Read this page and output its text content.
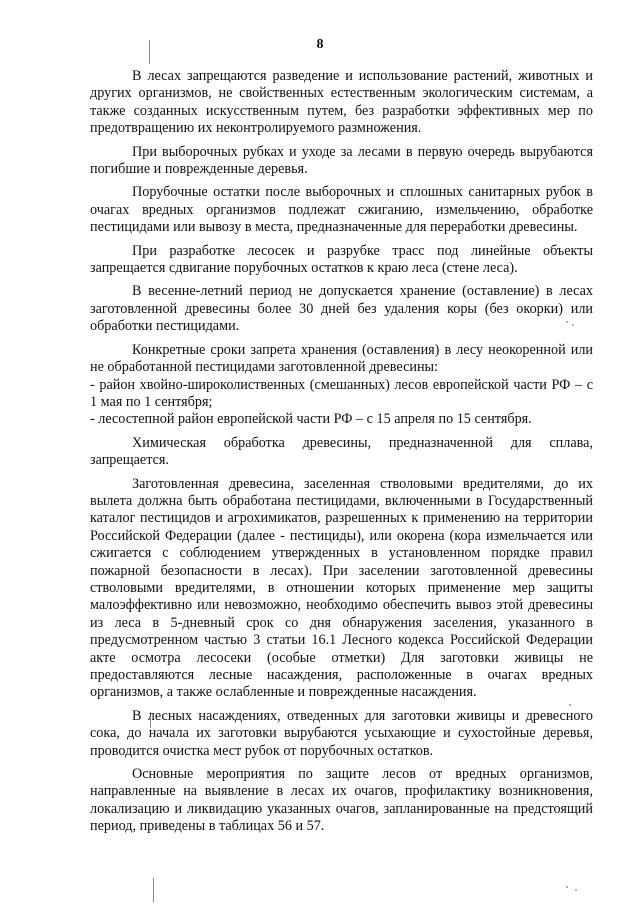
8

В лесах запрещаются разведение и использование растений, животных и других организмов, не свойственных естественным экологическим системам, а также созданных искусственным путем, без разработки эффективных мер по предотвращению их неконтролируемого размножения.

При выборочных рубках и уходе за лесами в первую очередь вырубаются погибшие и поврежденные деревья.

Порубочные остатки после выборочных и сплошных санитарных рубок в очагах вредных организмов подлежат сжиганию, измельчению, обработке пестицидами или вывозу в места, предназначенные для переработки древесины.

При разработке лесосек и разрубке трасс под линейные объекты запрещается сдвигание порубочных остатков к краю леса (стене леса).

В весенне-летний период не допускается хранение (оставление) в лесах заготовленной древесины более 30 дней без удаления коры (без окорки) или обработки пестицидами.

Конкретные сроки запрета хранения (оставления) в лесу неокоренной или не обработанной пестицидами заготовленной древесины:

- район хвойно-широколиственных (смешанных) лесов европейской части РФ – с 1 мая по 1 сентября;

- лесостепной район европейской части РФ – с 15 апреля по 15 сентября.

Химическая обработка древесины, предназначенной для сплава, запрещается.

Заготовленная древесина, заселенная стволовыми вредителями, до их вылета должна быть обработана пестицидами, включенными в Государственный каталог пестицидов и агрохимикатов, разрешенных к применению на территории Российской Федерации (далее - пестициды), или окорена (кора измельчается или сжигается с соблюдением утвержденных в установленном порядке правил пожарной безопасности в лесах). При заселении заготовленной древесины стволовыми вредителями, в отношении которых применение мер защиты малоэффективно или невозможно, необходимо обеспечить вывоз этой древесины из леса в 5-дневный срок со дня обнаружения заселения, указанного в предусмотренном частью 3 статьи 16.1 Лесного кодекса Российской Федерации акте осмотра лесосеки (особые отметки) Для заготовки живицы не предоставляются лесные насаждения, расположенные в очагах вредных организмов, а также ослабленные и поврежденные насаждения.

В лесных насаждениях, отведенных для заготовки живицы и древесного сока, до начала их заготовки вырубаются усыхающие и сухостойные деревья, проводится очистка мест рубок от порубочных остатков.

Основные мероприятия по защите лесов от вредных организмов, направленные на выявление в лесах их очагов, профилактику возникновения, локализацию и ликвидацию указанных очагов, запланированные на предстоящий период, приведены в таблицах 56 и 57.
